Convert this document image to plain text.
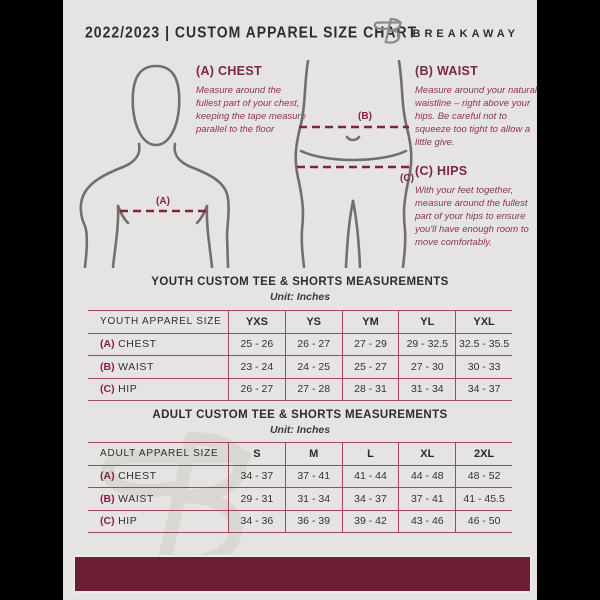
2022/2023 | CUSTOM APPAREL SIZE CHART
BREAKAWAY
(A)
(A) CHEST

Measure around the fullest part of your chest, keeping the tape measure parallel to the floor

(B)
(C)
(B) WAIST

Measure around your natural waistline – right above your hips. Be careful not to squeeze too tight to allow a little give.

(C) HIPS

With your feet together, measure around the fullest part of your hips to ensure you'll have enough room to move comfortably.

YOUTH CUSTOM TEE & SHORTS MEASUREMENTS
Unit: Inches
YOUTH APPAREL SIZE	YXS	YS	YM	YL	YXL
(A) CHEST	25 - 26	26 - 27	27 - 29	29 - 32.5	32.5 - 35.5
(B) WAIST	23 - 24	24 - 25	25 - 27	27 - 30	30 - 33
(C) HIP	26 - 27	27 - 28	28 - 31	31 - 34	34 - 37
ADULT CUSTOM TEE & SHORTS MEASUREMENTS
Unit: Inches
ADULT APPAREL SIZE	S	M	L	XL	2XL
(A) CHEST	34 - 37	37 - 41	41 - 44	44 - 48	48 - 52
(B) WAIST	29 - 31	31 - 34	34 - 37	37 - 41	41 - 45.5
(C) HIP	34 - 36	36 - 39	39 - 42	43 - 46	46 - 50
